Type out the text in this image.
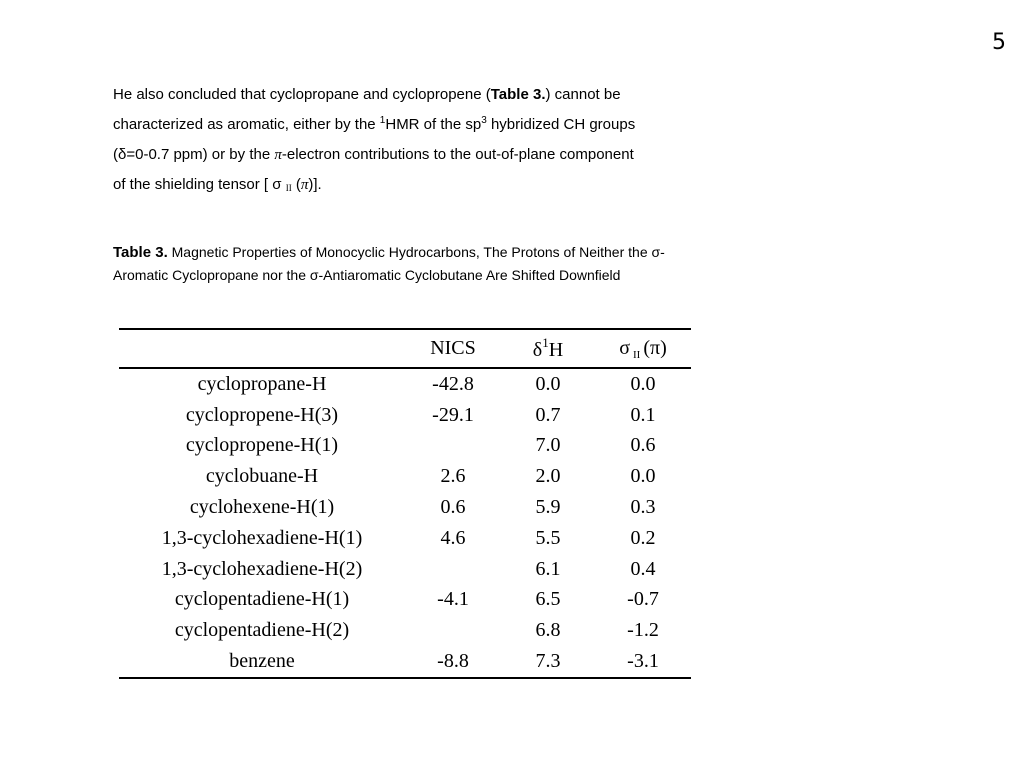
5
He also concluded that cyclopropane and cyclopropene (Table 3.) cannot be
characterized as aromatic, either by the $^1$HMR of the $sp^3$ hybridized CH groups
(δ=0-0.7 ppm) or by the π-electron contributions to the out-of-plane component
of the shielding tensor [ σ II (π)].
Table 3. Magnetic Properties of Monocyclic Hydrocarbons, The Protons of Neither the σ-
Aromatic Cyclopropane nor the σ-Antiaromatic Cyclobutane Are Shifted Downfield
	NICS	$\delta^1H$	σ $_{II}$ (π)
cyclopropane-H	-42.8	0.0	0.0
cyclopropene-H(3)	-29.1	0.7	0.1
cyclopropene-H(1)		7.0	0.6
cyclobuane-H	2.6	2.0	0.0
cyclohexene-H(1)	0.6	5.9	0.3
1,3-cyclohexadiene-H(1)	4.6	5.5	0.2
1,3-cyclohexadiene-H(2)		6.1	0.4
cyclopentadiene-H(1)	-4.1	6.5	-0.7
cyclopentadiene-H(2)		6.8	-1.2
benzene	-8.8	7.3	-3.1
